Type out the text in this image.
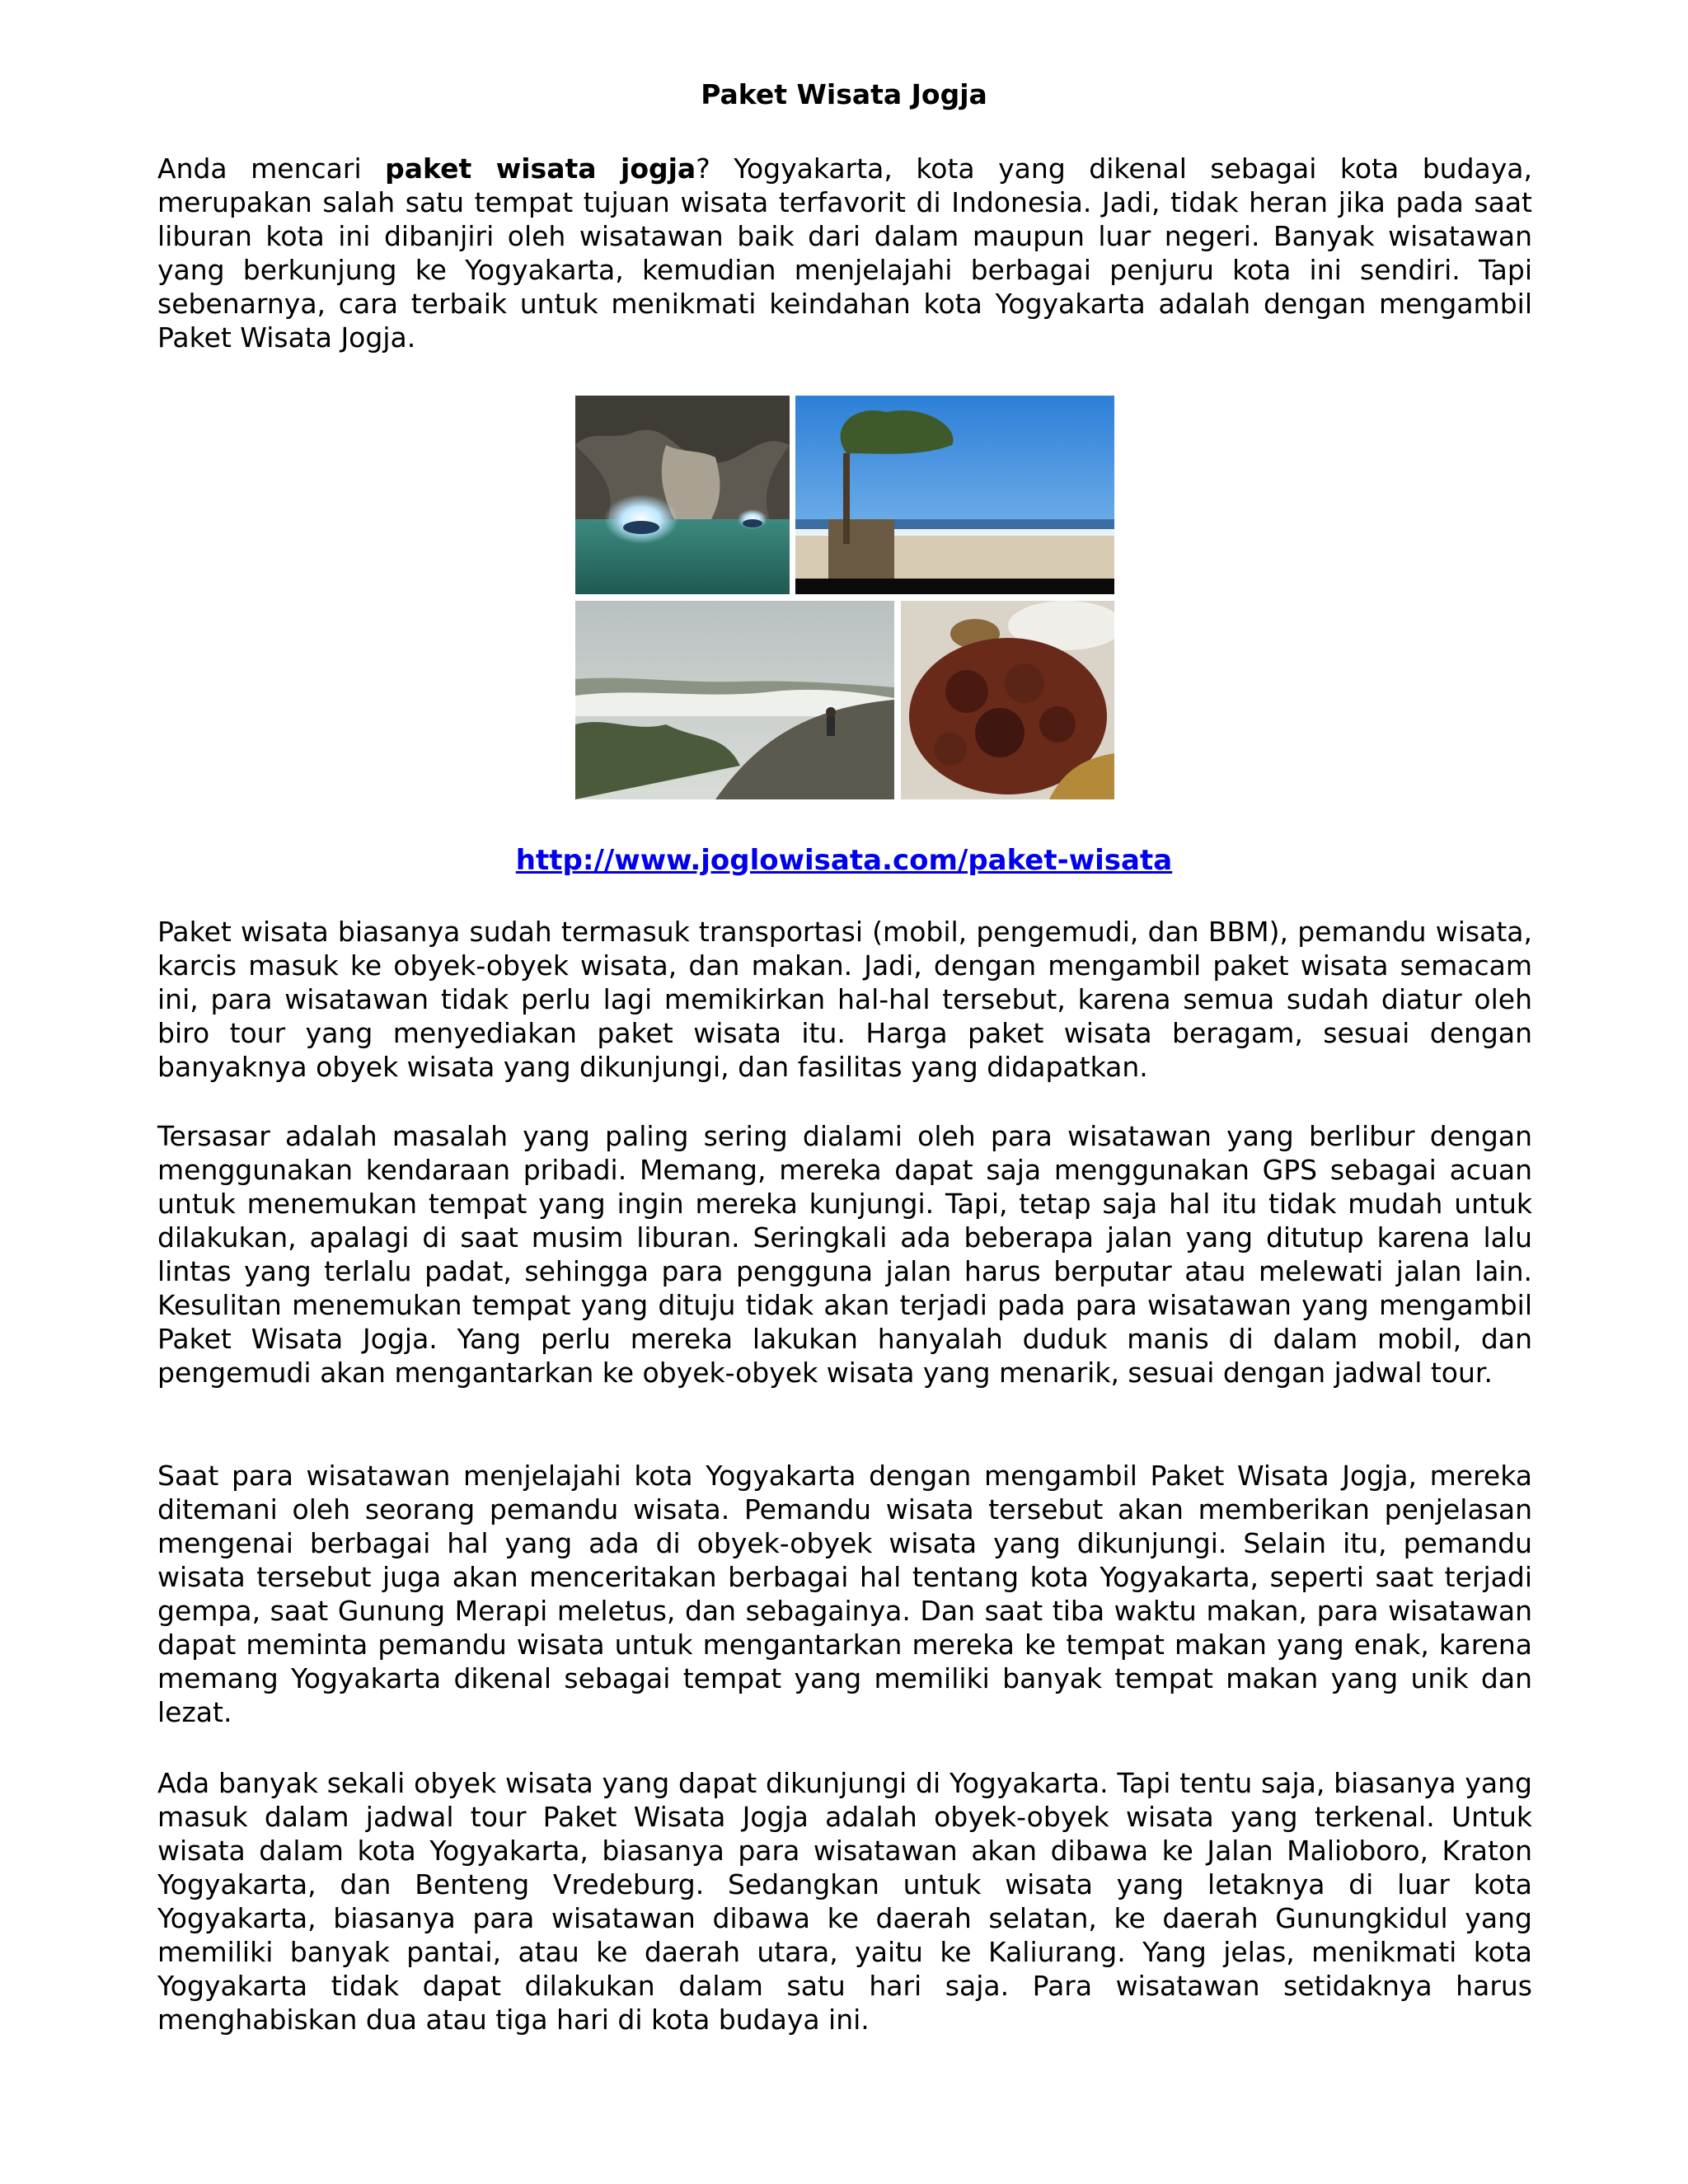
Paket Wisata Jogja
Anda mencari paket wisata jogja? Yogyakarta, kota yang dikenal sebagai kota budaya, merupakan salah satu tempat tujuan wisata terfavorit di Indonesia. Jadi, tidak heran jika pada saat liburan kota ini dibanjiri oleh wisatawan baik dari dalam maupun luar negeri. Banyak wisatawan yang berkunjung ke Yogyakarta, kemudian menjelajahi berbagai penjuru kota ini sendiri. Tapi sebenarnya, cara terbaik untuk menikmati keindahan kota Yogyakarta adalah dengan mengambil Paket Wisata Jogja.
http://www.joglowisata.com/paket-wisata
Paket wisata biasanya sudah termasuk transportasi (mobil, pengemudi, dan BBM), pemandu wisata, karcis masuk ke obyek-obyek wisata, dan makan. Jadi, dengan mengambil paket wisata semacam ini, para wisatawan tidak perlu lagi memikirkan hal-hal tersebut, karena semua sudah diatur oleh biro tour yang menyediakan paket wisata itu. Harga paket wisata beragam, sesuai dengan banyaknya obyek wisata yang dikunjungi, dan fasilitas yang didapatkan.
Tersasar adalah masalah yang paling sering dialami oleh para wisatawan yang berlibur dengan menggunakan kendaraan pribadi. Memang, mereka dapat saja menggunakan GPS sebagai acuan untuk menemukan tempat yang ingin mereka kunjungi. Tapi, tetap saja hal itu tidak mudah untuk dilakukan, apalagi di saat musim liburan. Seringkali ada beberapa jalan yang ditutup karena lalu lintas yang terlalu padat, sehingga para pengguna jalan harus berputar atau melewati jalan lain. Kesulitan menemukan tempat yang dituju tidak akan terjadi pada para wisatawan yang mengambil Paket Wisata Jogja. Yang perlu mereka lakukan hanyalah duduk manis di dalam mobil, dan pengemudi akan mengantarkan ke obyek-obyek wisata yang menarik, sesuai dengan jadwal tour.
Saat para wisatawan menjelajahi kota Yogyakarta dengan mengambil Paket Wisata Jogja, mereka ditemani oleh seorang pemandu wisata. Pemandu wisata tersebut akan memberikan penjelasan mengenai berbagai hal yang ada di obyek-obyek wisata yang dikunjungi. Selain itu, pemandu wisata tersebut juga akan menceritakan berbagai hal tentang kota Yogyakarta, seperti saat terjadi gempa, saat Gunung Merapi meletus, dan sebagainya. Dan saat tiba waktu makan, para wisatawan dapat meminta pemandu wisata untuk mengantarkan mereka ke tempat makan yang enak, karena memang Yogyakarta dikenal sebagai tempat yang memiliki banyak tempat makan yang unik dan lezat.
Ada banyak sekali obyek wisata yang dapat dikunjungi di Yogyakarta. Tapi tentu saja, biasanya yang masuk dalam jadwal tour Paket Wisata Jogja adalah obyek-obyek wisata yang terkenal. Untuk wisata dalam kota Yogyakarta, biasanya para wisatawan akan dibawa ke Jalan Malioboro, Kraton Yogyakarta, dan Benteng Vredeburg. Sedangkan untuk wisata yang letaknya di luar kota Yogyakarta, biasanya para wisatawan dibawa ke daerah selatan, ke daerah Gunungkidul yang memiliki banyak pantai, atau ke daerah utara, yaitu ke Kaliurang. Yang jelas, menikmati kota Yogyakarta tidak dapat dilakukan dalam satu hari saja. Para wisatawan setidaknya harus menghabiskan dua atau tiga hari di kota budaya ini.
